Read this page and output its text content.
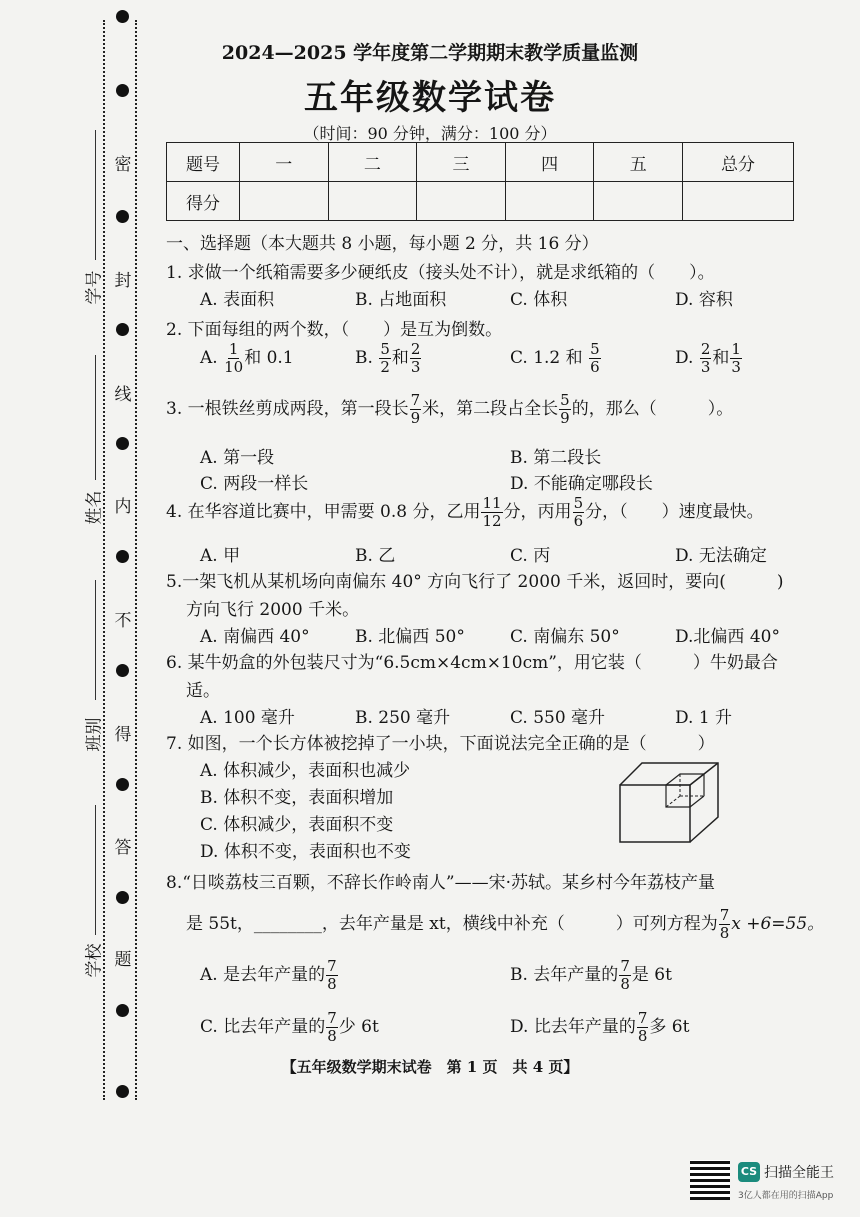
密
封
线
内
不
得
答
题
学号
姓名
班别
学校
2024—2025 学年度第二学期期末教学质量监测
五年级数学试卷
（时间：90 分钟，满分：100 分）
题号	一	二	三	四	五	总分
得分						
一、选择题（本大题共 8 小题，每小题 2 分，共 16 分）
1. 求做一个纸箱需要多少硬纸皮（接头处不计），就是求纸箱的（　　）。
A. 表面积	B. 占地面积	C. 体积	D. 容积
2. 下面每组的两个数，（　　）是互为倒数。
A. $\frac{1}{10}$ 和 0.1	B. $\frac{5}{2}$ 和 $\frac{2}{3}$	C. 1.2 和 $\frac{5}{6}$	D. $\frac{2}{3}$ 和 $\frac{1}{3}$
3. 一根铁丝剪成两段，第一段长 $\frac{7}{9}$ 米，第二段占全长 $\frac{5}{9}$ 的，那么（　　　）。
A. 第一段	B. 第二段长
C. 两段一样长	D. 不能确定哪段长
4. 在华容道比赛中，甲需要 0.8 分，乙用 $\frac{11}{12}$ 分，丙用 $\frac{5}{6}$ 分，（　　）速度最快。
A. 甲	B. 乙	C. 丙	D. 无法确定
5.一架飞机从某机场向南偏东 40° 方向飞行了 2000 千米，返回时，要向(　　　)
方向飞行 2000 千米。
A. 南偏西 40°	B. 北偏西 50°	C. 南偏东 50°	D.北偏西 40°
6. 某牛奶盒的外包装尺寸为“6.5cm×4cm×10cm”，用它装（　　　）牛奶最合
适。
A. 100 毫升	B. 250 毫升	C. 550 毫升	D. 1 升
7. 如图，一个长方体被挖掉了一小块，下面说法完全正确的是（　　　）
A. 体积减少，表面积也减少
B. 体积不变，表面积增加
C. 体积减少，表面积不变
D. 体积不变，表面积也不变
8.“日啖荔枝三百颗，不辞长作岭南人”——宋·苏轼。某乡村今年荔枝产量
是 55t，________，去年产量是 xt，横线中补充（　　　）可列方程为 $\frac{7}{8}$ x +6=55。
A. 是去年产量的 $\frac{7}{8}$	B. 去年产量的 $\frac{7}{8}$ 是 6t
C. 比去年产量的 $\frac{7}{8}$ 少 6t	D. 比去年产量的 $\frac{7}{8}$ 多 6t
【五年级数学期末试卷　第 1 页　共 4 页】
CS 扫描全能王
3亿人都在用的扫描App
